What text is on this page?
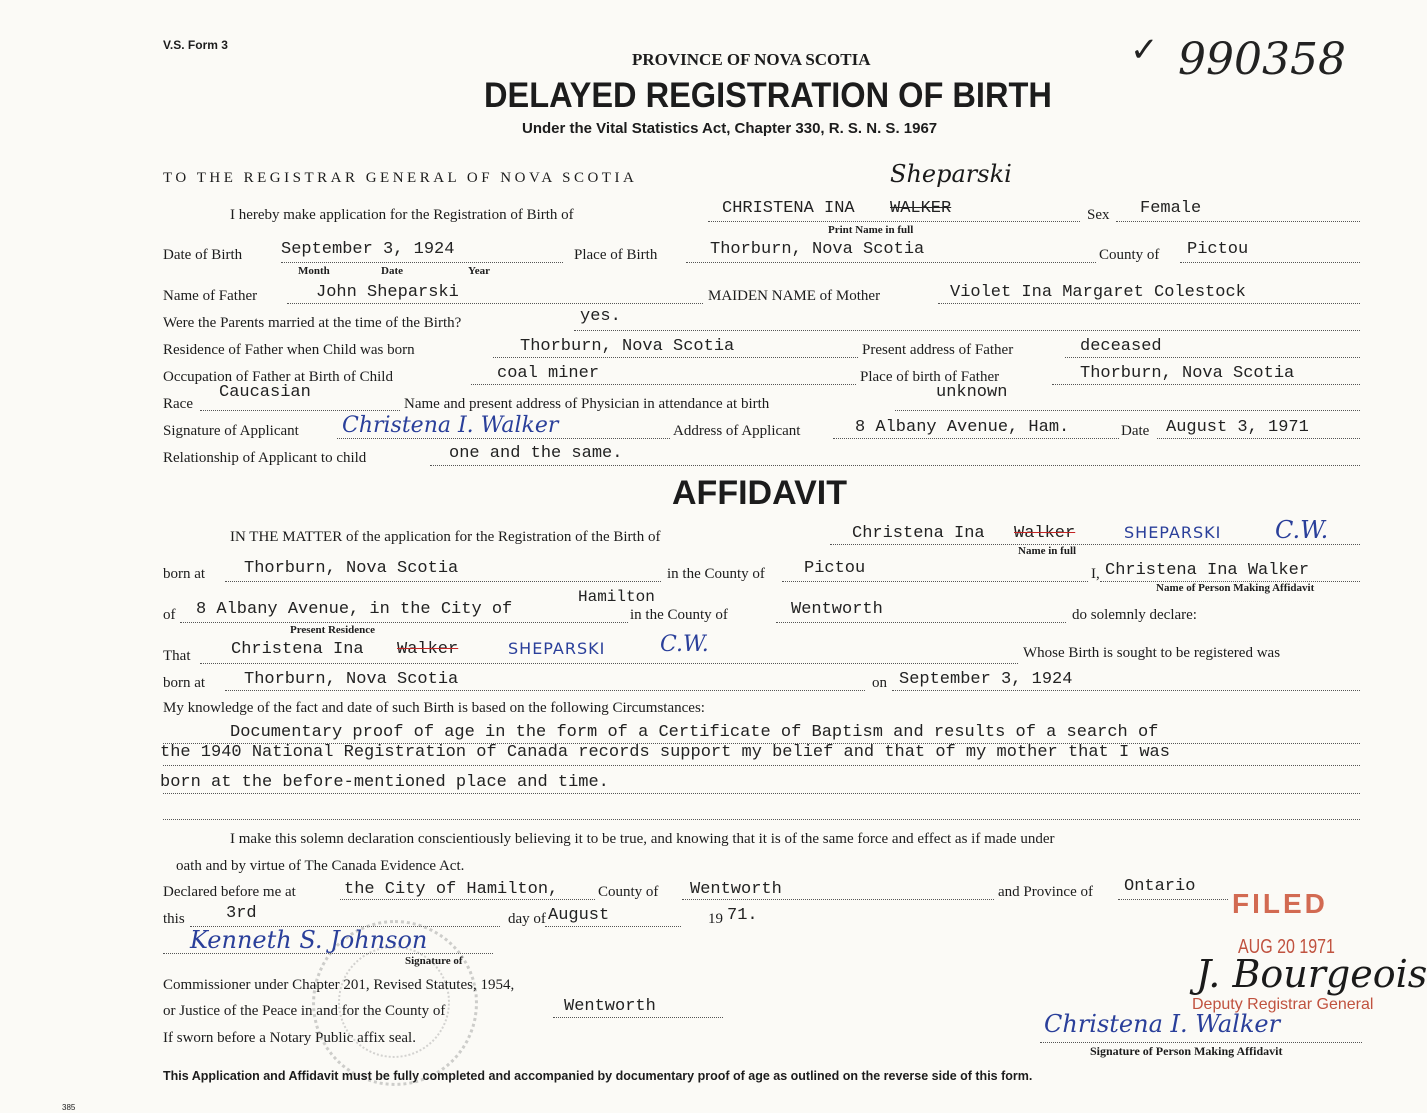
V.S. Form 3
PROVINCE OF NOVA SCOTIA
DELAYED REGISTRATION OF BIRTH
Under the Vital Statistics Act, Chapter 330, R. S. N. S. 1967
✓ 990358
TO THE REGISTRAR GENERAL OF NOVA SCOTIA
I hereby make application for the Registration of Birth of
Sheparski
CHRISTENA INA WALKER
Print Name in full
Sex Female
Date of Birth September 3, 1924
Month	Date	Year
Place of Birth	Thorburn, Nova Scotia	County of Pictou
Name of Father	John Sheparski	MAIDEN NAME of Mother	Violet Ina Margaret Colestock
Were the Parents married at the time of the Birth?	yes.
Residence of Father when Child was born	Thorburn, Nova Scotia	Present address of Father	deceased
Occupation of Father at Birth of Child	coal miner	Place of birth of Father	Thorburn, Nova Scotia
Race
Caucasian
Name and present address of Physician in attendance at birth
unknown
Signature of Applicant Christena I. Walker	Address of Applicant	8 Albany Avenue, Ham.	Date August 3, 1971
Relationship of Applicant to child	one and the same.
AFFIDAVIT
IN THE MATTER of the application for the Registration of the Birth of	Christena Ina Walker	SHEPARSKI C.W.
Name in full
born at Thorburn, Nova Scotia	in the County of Pictou	I, Christena Ina Walker
Name of Person Making Affidavit
of 8 Albany Avenue, in the City of
Hamilton
Present Residence
in the County of	Wentworth	do solemnly declare:
That Christena Ina Walker	SHEPARSKI C.W.	Whose Birth is sought to be registered was
born at Thorburn, Nova Scotia	on September 3, 1924
My knowledge of the fact and date of such Birth is based on the following Circumstances:
Documentary proof of age in the form of a Certificate of Baptism and results of a search of
the 1940 National Registration of Canada records support my belief and that of my mother that I was
born at the before-mentioned place and time.
I make this solemn declaration conscientiously believing it to be true, and knowing that it is of the same force and effect as if made under
oath and by virtue of The Canada Evidence Act.
Declared before me at	the City of Hamilton,	County of Wentworth	and Province of Ontario
this 3rd	day of August	19 71.
Kenneth S. Johnson
Signature of
Commissioner under Chapter 201, Revised Statutes, 1954,
or Justice of the Peace in and for the County of	Wentworth
If sworn before a Notary Public affix seal.
FILED
AUG 20 1971
J. Bourgeois
Deputy Registrar General
Christena I. Walker
Signature of Person Making Affidavit
This Application and Affidavit must be fully completed and accompanied by documentary proof of age as outlined on the reverse side of this form.
385
